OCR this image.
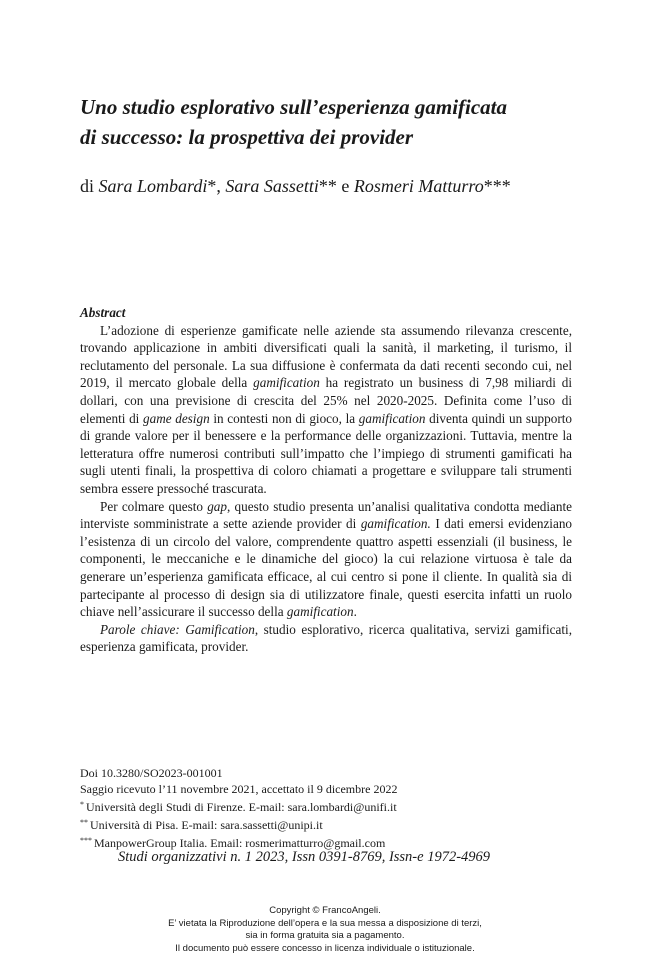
Uno studio esplorativo sull’esperienza gamificata
di successo: la prospettiva dei provider
di Sara Lombardi*, Sara Sassetti** e Rosmeri Matturro***
Abstract

L’adozione di esperienze gamificate nelle aziende sta assumendo rilevanza crescente, trovando applicazione in ambiti diversificati quali la sanità, il marketing, il turismo, il reclutamento del personale. La sua diffusione è confermata da dati recenti secondo cui, nel 2019, il mercato globale della gamification ha registrato un business di 7,98 miliardi di dollari, con una previsione di crescita del 25% nel 2020-2025. Definita come l’uso di elementi di game design in contesti non di gioco, la gamification diventa quindi un supporto di grande valore per il benessere e la performance delle organizzazioni. Tuttavia, mentre la letteratura offre numerosi contributi sull’impatto che l’impiego di strumenti gamificati ha sugli utenti finali, la prospettiva di coloro chiamati a progettare e sviluppare tali strumenti sembra essere pressoché trascurata.

Per colmare questo gap, questo studio presenta un’analisi qualitativa condotta mediante interviste somministrate a sette aziende provider di gamification. I dati emersi evidenziano l’esistenza di un circolo del valore, comprendente quattro aspetti essenziali (il business, le componenti, le meccaniche e le dinamiche del gioco) la cui relazione virtuosa è tale da generare un’esperienza gamificata efficace, al cui centro si pone il cliente. In qualità sia di partecipante al processo di design sia di utilizzatore finale, questi esercita infatti un ruolo chiave nell’assicurare il successo della gamification.

Parole chiave: Gamification, studio esplorativo, ricerca qualitativa, servizi gamificati, esperienza gamificata, provider.

Doi 10.3280/SO2023-001001
Saggio ricevuto l’11 novembre 2021, accettato il 9 dicembre 2022
* Università degli Studi di Firenze. E-mail: sara.lombardi@unifi.it
** Università di Pisa. E-mail: sara.sassetti@unipi.it
*** ManpowerGroup Italia. Email: rosmerimatturro@gmail.com
Studi organizzativi n. 1 2023, Issn 0391-8769, Issn-e 1972-4969
Copyright © FrancoAngeli.
E’ vietata la Riproduzione dell’opera e la sua messa a disposizione di terzi,
sia in forma gratuita sia a pagamento.
Il documento può essere concesso in licenza individuale o istituzionale.
